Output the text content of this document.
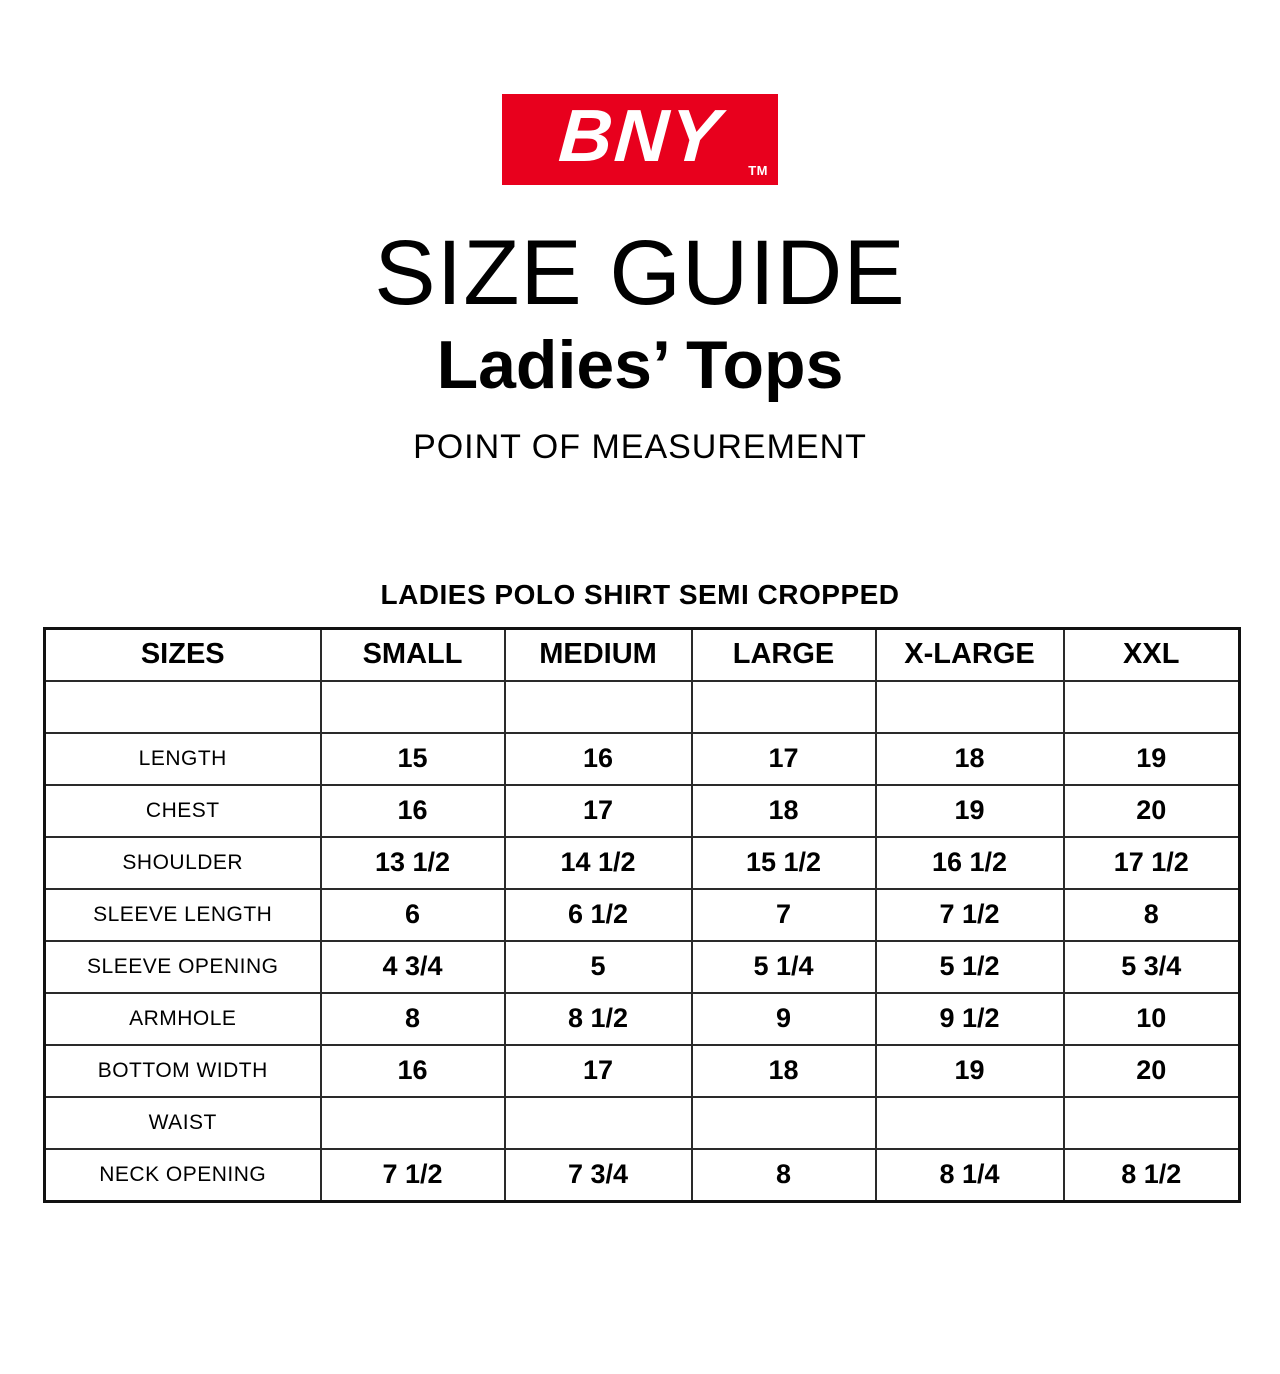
BNY TM
SIZE GUIDE
Ladies’ Tops
POINT OF MEASUREMENT
LADIES POLO SHIRT SEMI CROPPED
SIZES	SMALL	MEDIUM	LARGE	X-LARGE	XXL

LENGTH	15	16	17	18	19
CHEST	16	17	18	19	20
SHOULDER	13 1/2	14 1/2	15 1/2	16 1/2	17 1/2
SLEEVE LENGTH	6	6 1/2	7	7 1/2	8
SLEEVE OPENING	4 3/4	5	5 1/4	5 1/2	5 3/4
ARMHOLE	8	8 1/2	9	9 1/2	10
BOTTOM WIDTH	16	17	18	19	20
WAIST					
NECK OPENING	7 1/2	7 3/4	8	8 1/4	8 1/2
